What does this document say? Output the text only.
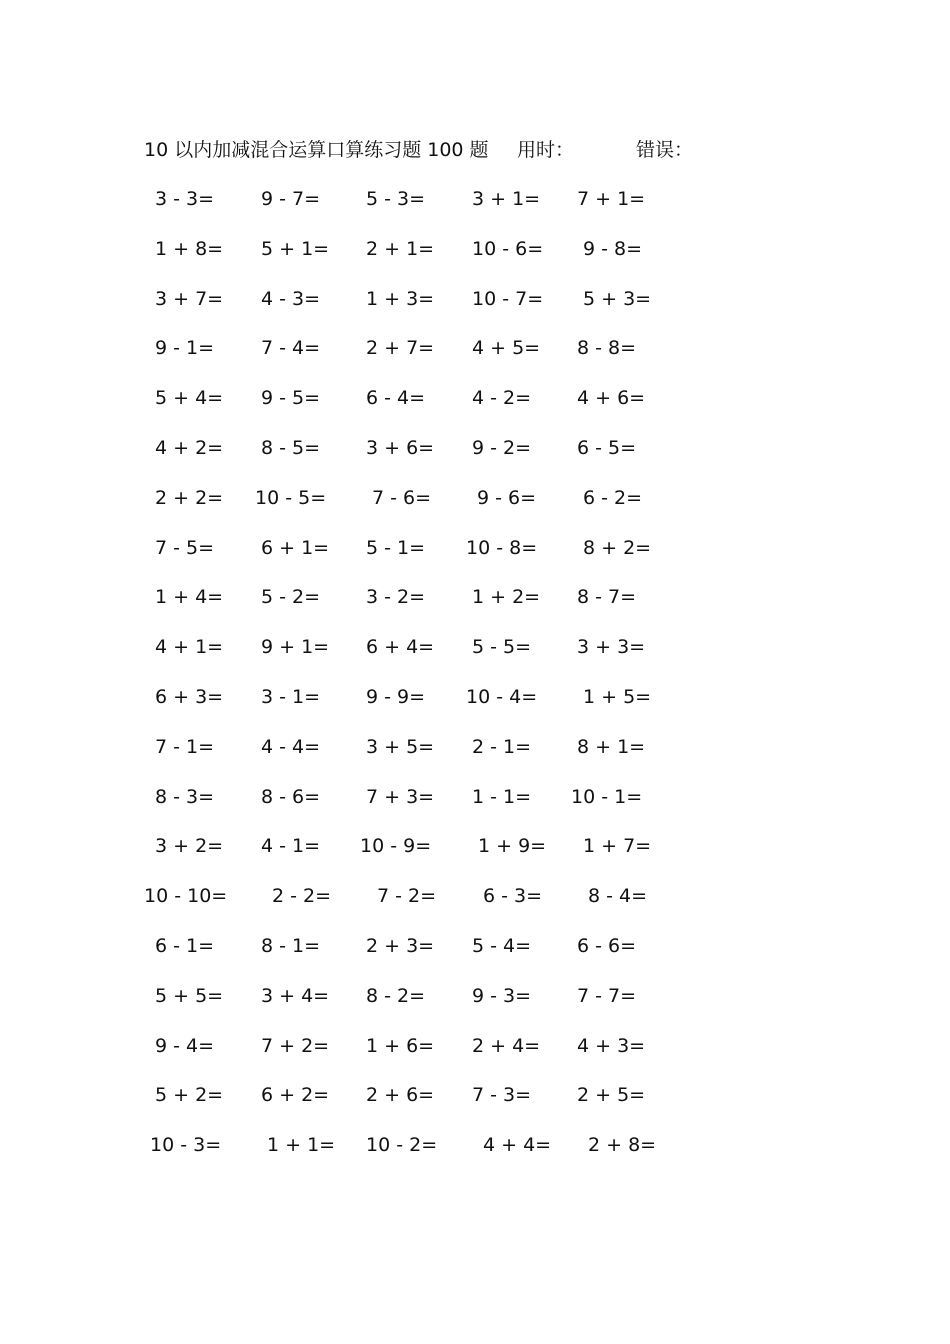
10 以内加减混合运算口算练习题 100 题 用时：	错误：
3 - 3= 9 - 7= 5 - 3= 3 + 1= 7 + 1=
1 + 8= 5 + 1= 2 + 1= 10 - 6= 9 - 8=
3 + 7= 4 - 3= 1 + 3= 10 - 7= 5 + 3=
9 - 1= 7 - 4= 2 + 7= 4 + 5= 8 - 8=
5 + 4= 9 - 5= 6 - 4= 4 - 2= 4 + 6=
4 + 2= 8 - 5= 3 + 6= 9 - 2= 6 - 5=
2 + 2= 10 - 5= 7 - 6= 9 - 6= 6 - 2=
7 - 5= 6 + 1= 5 - 1= 10 - 8= 8 + 2=
1 + 4= 5 - 2= 3 - 2= 1 + 2= 8 - 7=
4 + 1= 9 + 1= 6 + 4= 5 - 5= 3 + 3=
6 + 3= 3 - 1= 9 - 9= 10 - 4= 1 + 5=
7 - 1= 4 - 4= 3 + 5= 2 - 1= 8 + 1=
8 - 3= 8 - 6= 7 + 3= 1 - 1= 10 - 1=
3 + 2= 4 - 1= 10 - 9= 1 + 9= 1 + 7=
10 - 10= 2 - 2= 7 - 2= 6 - 3= 8 - 4=
6 - 1= 8 - 1= 2 + 3= 5 - 4= 6 - 6=
5 + 5= 3 + 4= 8 - 2= 9 - 3= 7 - 7=
9 - 4= 7 + 2= 1 + 6= 2 + 4= 4 + 3=
5 + 2= 6 + 2= 2 + 6= 7 - 3= 2 + 5=
10 - 3= 1 + 1= 10 - 2= 4 + 4= 2 + 8=
